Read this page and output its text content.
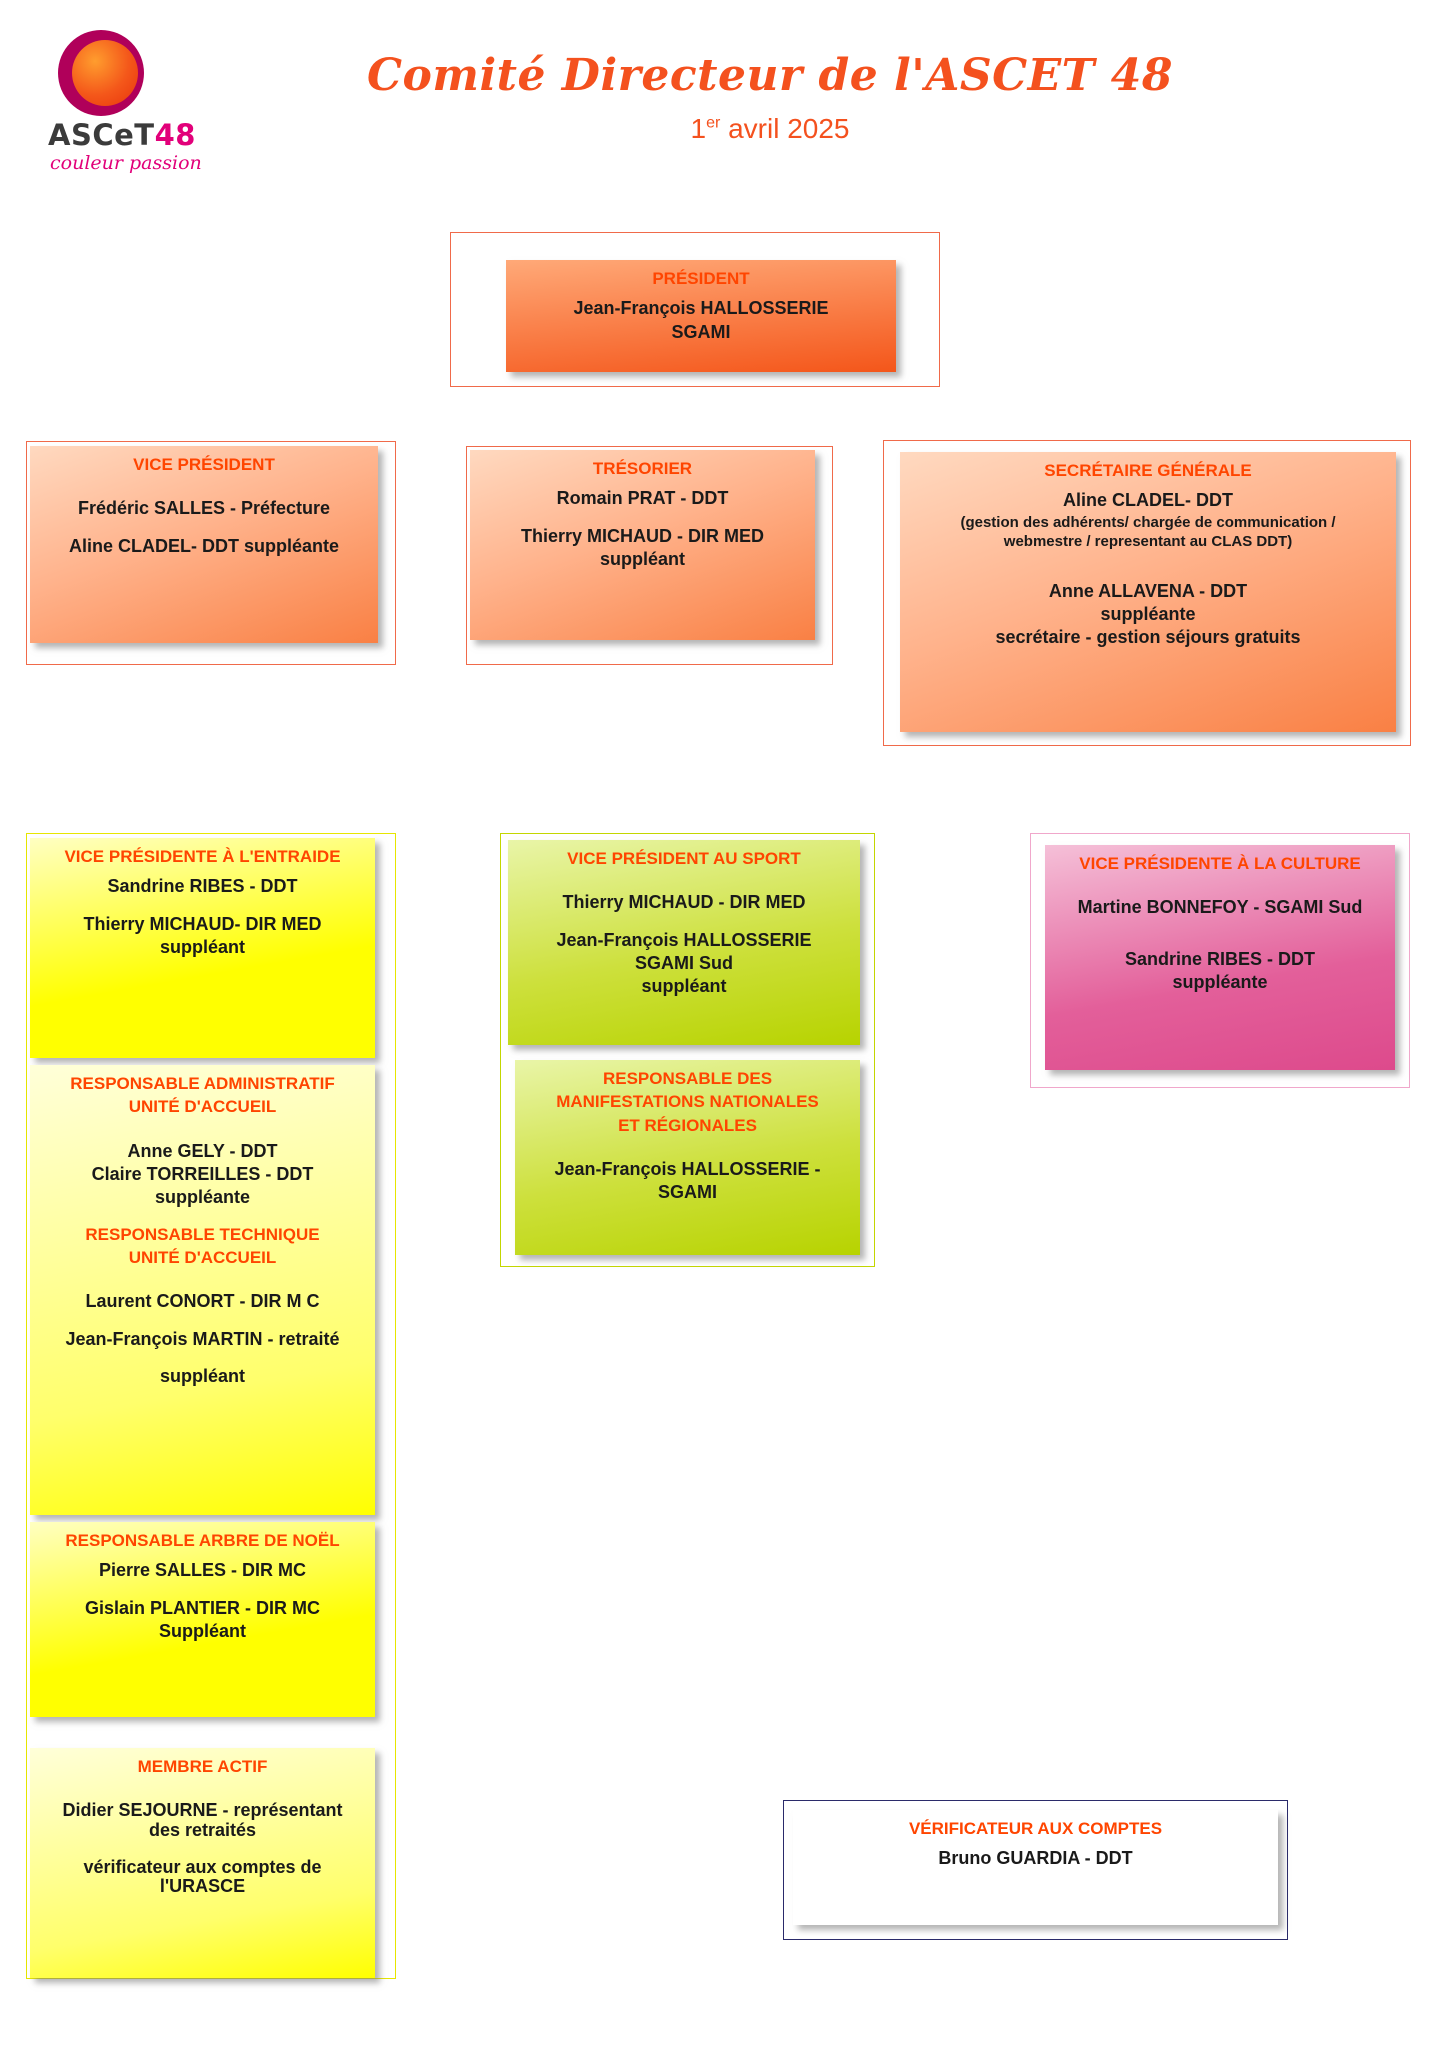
ASCeT48
couleur passion
Comité Directeur de l'ASCET 48
1er avril 2025
PRÉSIDENT
Jean-François HALLOSSERIE
SGAMI
VICE PRÉSIDENT
Frédéric SALLES - Préfecture
Aline CLADEL- DDT suppléante
TRÉSORIER
Romain PRAT - DDT
Thierry MICHAUD - DIR MED
suppléant
SECRÉTAIRE GÉNÉRALE
Aline CLADEL- DDT
(gestion des adhérents/ chargée de communication /
webmestre / representant au CLAS DDT)
Anne ALLAVENA - DDT
suppléante
secrétaire - gestion séjours gratuits
VICE PRÉSIDENTE À L'ENTRAIDE
Sandrine RIBES - DDT
Thierry MICHAUD- DIR MED
suppléant
RESPONSABLE ADMINISTRATIF
UNITÉ D'ACCUEIL
Anne GELY - DDT
Claire TORREILLES - DDT
suppléante
RESPONSABLE TECHNIQUE
UNITÉ D'ACCUEIL
Laurent CONORT - DIR M C
Jean-François MARTIN - retraité
suppléant
RESPONSABLE ARBRE DE NOËL
Pierre SALLES - DIR MC
Gislain PLANTIER - DIR MC
Suppléant
MEMBRE ACTIF
Didier SEJOURNE - représentant
des retraités
vérificateur aux comptes de
l'URASCE
VICE PRÉSIDENT AU SPORT
Thierry MICHAUD - DIR MED
Jean-François HALLOSSERIE
SGAMI Sud
suppléant
RESPONSABLE DES
MANIFESTATIONS NATIONALES
ET RÉGIONALES
Jean-François HALLOSSERIE -
SGAMI
VICE PRÉSIDENTE À LA CULTURE
Martine BONNEFOY - SGAMI Sud
Sandrine RIBES - DDT
suppléante
VÉRIFICATEUR AUX COMPTES
Bruno GUARDIA - DDT
